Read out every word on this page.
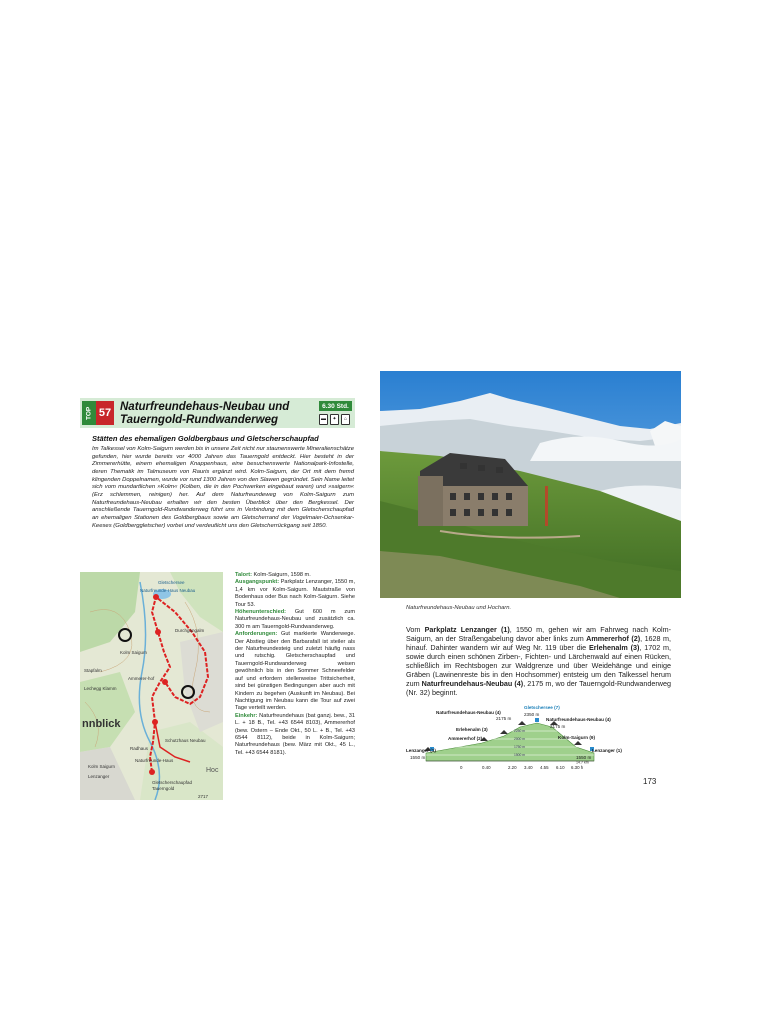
TOP 57 Naturfreundehaus-Neubau und
Tauerngold-Rundwanderweg
6.30 Std.
▬	✦	⌂
Stätten des ehemaligen Goldbergbaus und Gletscherschaupfad
Im Talkessel von Kolm-Saigurn werden bis in unsere Zeit nicht nur staunenswerte Mineralienschätze gefunden, hier wurde bereits vor 4000 Jahren das Tauerngold entdeckt. Hier besteht in der Zimmererhütte, einem ehemaligen Knappenhaus, eine besuchenswerte Nationalpark-Infostelle, deren Thematik im Talmuseum von Rauris ergänzt wird. Kolm-Saigurn, der Ort mit dem fremd klingenden Doppelnamen, wurde vor rund 1300 Jahren von den Slawen gegründet. Sein Name leitet sich vom mundartlichen »Kolm« (Kolben, die in den Pochwerken eingebaut waren) und »saigern« (Erz schlemmen, reinigen) her. Auf dem Naturfreundeweg von Kolm-Saigurn zum Naturfreundehaus-Neubau erhalten wir den besten Überblick über den Bergkessel. Der anschließende Tauerngold-Rundwanderweg führt uns in Verbindung mit dem Gletscherschaupfad an ehemaligen Stationen des Goldbergbaus sowie am Gletscherrand der Vogelmaier-Ochsenkar-Keeses (Goldberggletscher) vorbei und verdeutlicht uns den Gletscherrückgang seit 1850.
Naturfreunde-Haus Neubau
Gletschersee
Durchgangalm
Kolm Saigurn
Stapfalm
Lechegg Klamm
nnblick
Ammerer-hof
Schutzhaus Neubau
Radhaus
Naturfreunde-Haus
Kolm Saigurn
Lenzanger
Tauerngold
Gletscherschaupfad
2717
Hoc
Talort: Kolm-Saigurn, 1598 m.
Ausgangspunkt: Parkplatz Lenzanger, 1550 m, 1,4 km vor Kolm-Saigurn. Mautstraße von Bodenhaus oder Bus nach Kolm-Saigurn. Siehe Tour 53.
Höhenunterschied: Gut 600 m zum Naturfreundehaus-Neubau und zusätzlich ca. 300 m am Tauerngold-Rundwanderweg.
Anforderungen: Gut markierte Wanderwege. Der Abstieg über den Barbarafall ist steiler als der Naturfreundesteig und zuletzt häufig nass und rutschig. Gletscherschaupfad und Tauerngold-Rundwanderweg weisen gewöhnlich bis in den Sommer Schneefelder auf und erfordern stellenweise Trittsicherheit, sind bei günstigen Bedingungen aber auch mit Kindern zu begehen (Auskunft im Neubau). Bei Nachtigung im Neubau kann die Tour auf zwei Tage verteilt werden.
Einkehr: Naturfreundehaus (bat ganzj. bew., 31 L. + 18 B., Tel. +43 6544 8103), Ammererhof (bew. Ostern – Ende Okt., 50 L. + B., Tel. +43 6544 8112), beide in Kolm-Saigurn; Naturfreundehaus (bew. März mit Okt., 45 L., Tel. +43 6544 8181).
Naturfreundehaus-Neubau und Hocharn.
Vom Parkplatz Lenzanger (1), 1550 m, gehen wir am Fahrweg nach Kolm-Saigurn, an der Straßengabelung davor aber links zum Ammererhof (2), 1628 m, hinauf. Dahinter wandern wir auf Weg Nr. 119 über die Erlehenalm (3), 1702 m, sowie durch einen schönen Zirben-, Fichten- und Lärchenwald auf einen Rücken, schließlich im Rechtsbogen zur Waldgrenze und über Weidehänge und einige Gräben (Lawinenreste bis in den Hochsommer) entsteig um den Talkessel herum zum Naturfreundehaus-Neubau (4), 2175 m, wo der Tauerngold-Rundwanderweg (Nr. 32) beginnt.
2250 m
2000 m
1750 m
1500 m
Lenzanger (1)
1550 m
Ammererhof (2)
Erlehenalm (3)
Naturfreundehaus-Neubau (4)
2175 m
Gletschersee (7)
2350 m
Naturfreundehaus-Neubau (4)
2175 m
Kolm-Saigurn (9)
Lenzanger (1)
1550 m
0	0.40	2.20 3.40 4.55 6.10 6.30 h
14.7 km
173
